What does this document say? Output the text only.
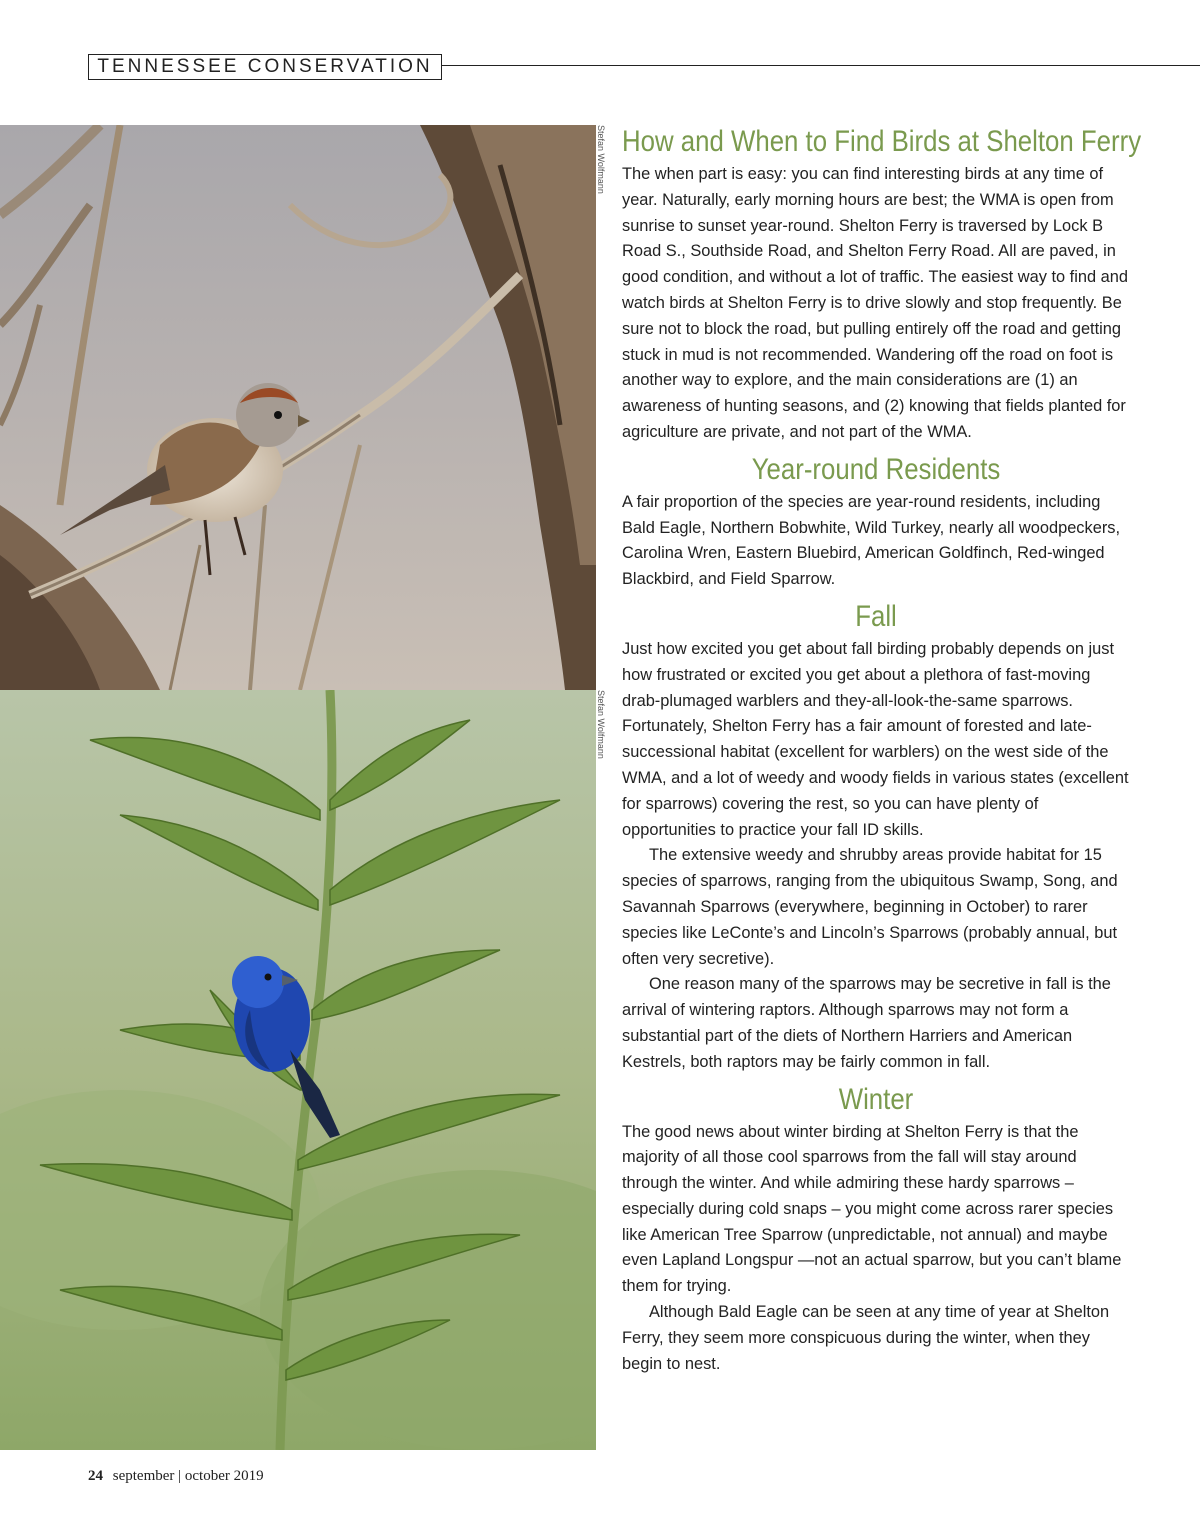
TENNESSEE CONSERVATION
Stefan Wolfmann
Stefan Wolfmann
How and When to Find Birds at Shelton Ferry

The when part is easy: you can find interesting birds at any time of year. Naturally, early morning hours are best; the WMA is open from sunrise to sunset year-round. Shelton Ferry is traversed by Lock B Road S., Southside Road, and Shelton Ferry Road. All are paved, in good condition, and without a lot of traffic. The easiest way to find and watch birds at Shelton Ferry is to drive slowly and stop frequently. Be sure not to block the road, but pulling entirely off the road and getting stuck in mud is not recommended. Wandering off the road on foot is another way to explore, and the main considerations are (1) an awareness of hunting seasons, and (2) knowing that fields planted for agriculture are private, and not part of the WMA.

Year-round Residents

A fair proportion of the species are year-round residents, including Bald Eagle, Northern Bobwhite, Wild Turkey, nearly all woodpeckers, Carolina Wren, Eastern Bluebird, American Goldfinch, Red-winged Blackbird, and Field Sparrow.

Fall

Just how excited you get about fall birding probably depends on just how frustrated or excited you get about a plethora of fast-moving drab-plumaged warblers and they-all-look-the-same sparrows. Fortunately, Shelton Ferry has a fair amount of forested and late-successional habitat (excellent for warblers) on the west side of the WMA, and a lot of weedy and woody fields in various states (excellent for sparrows) covering the rest, so you can have plenty of opportunities to practice your fall ID skills.

The extensive weedy and shrubby areas provide habitat for 15 species of sparrows, ranging from the ubiquitous Swamp, Song, and Savannah Sparrows (everywhere, beginning in October) to rarer species like LeConte’s and Lincoln’s Sparrows (probably annual, but often very secretive).

One reason many of the sparrows may be secretive in fall is the arrival of wintering raptors. Although sparrows may not form a substantial part of the diets of Northern Harriers and American Kestrels, both raptors may be fairly common in fall.

Winter

The good news about winter birding at Shelton Ferry is that the majority of all those cool sparrows from the fall will stay around through the winter. And while admiring these hardy sparrows – especially during cold snaps – you might come across rarer species like American Tree Sparrow (unpredictable, not annual) and maybe even Lapland Longspur —not an actual sparrow, but you can’t blame them for trying.

Although Bald Eagle can be seen at any time of year at Shelton Ferry, they seem more conspicuous during the winter, when they begin to nest.

24 september | october 2019
